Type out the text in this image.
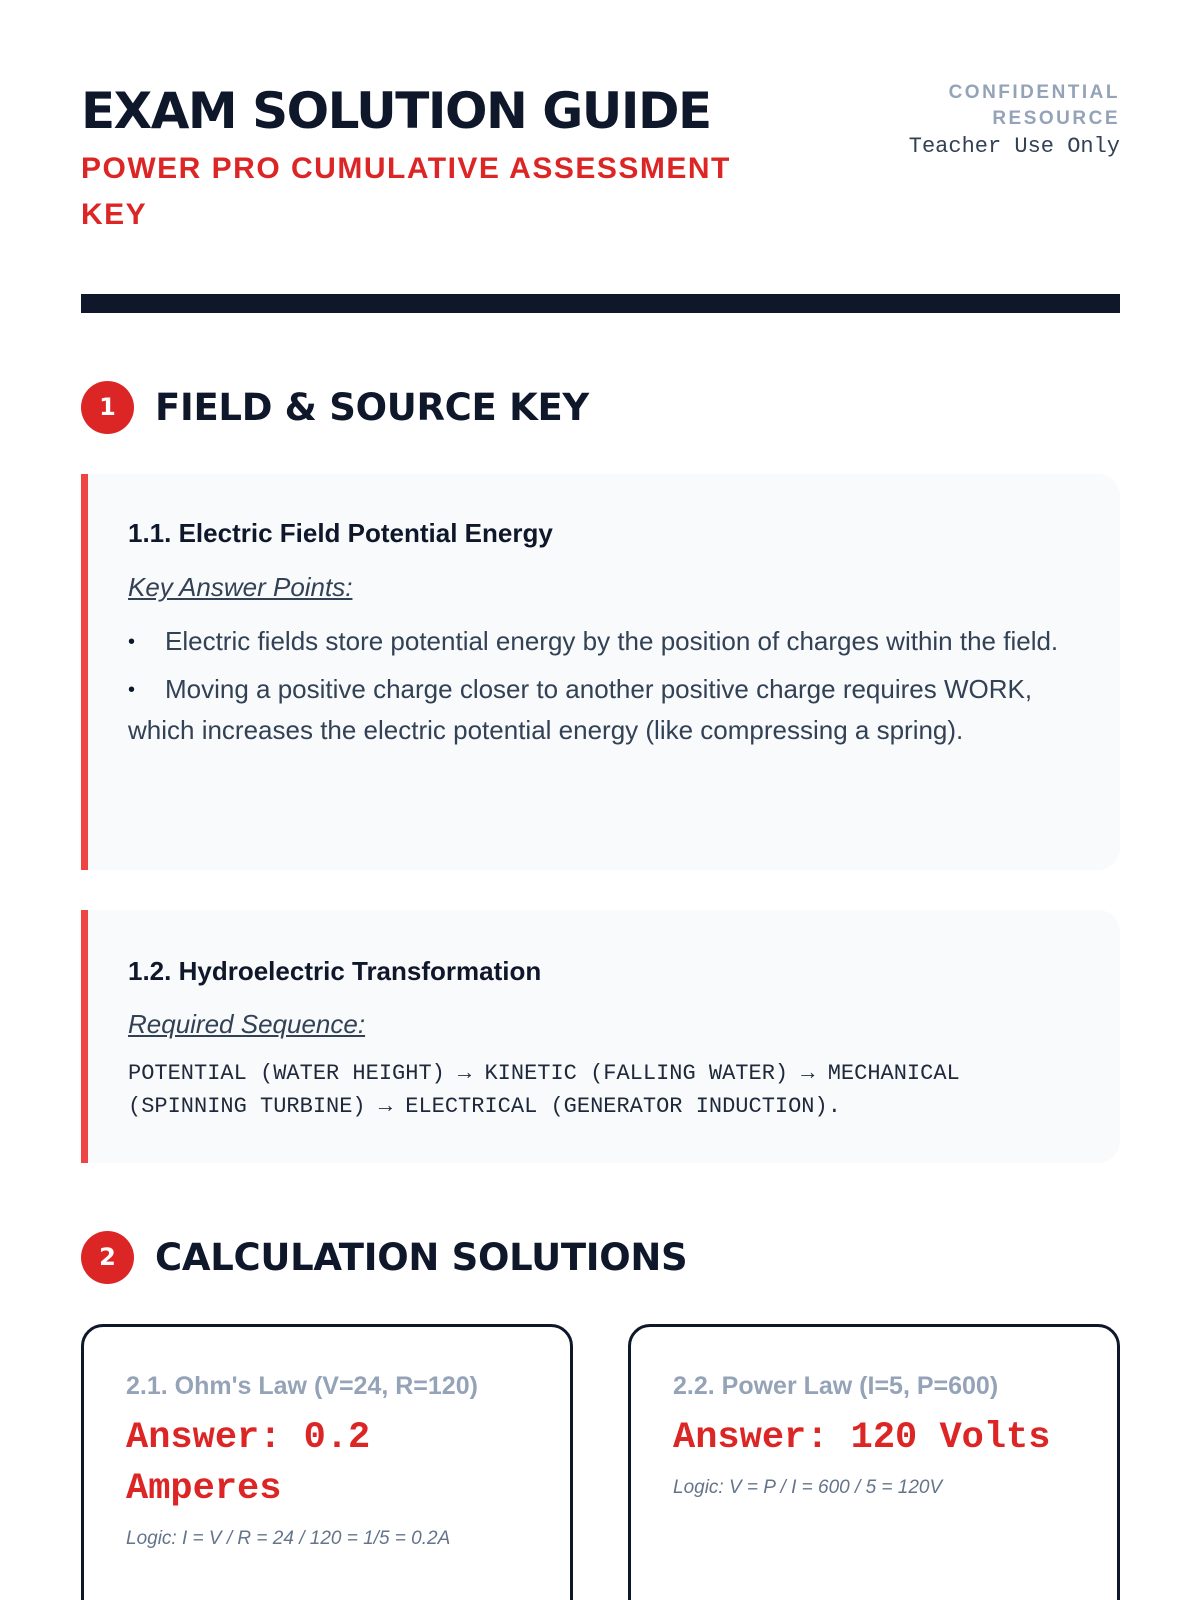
EXAM SOLUTION GUIDE
POWER PRO CUMULATIVE ASSESSMENT KEY
CONFIDENTIAL RESOURCE
Teacher Use Only
1	FIELD & SOURCE KEY
1.1. Electric Field Potential Energy

Key Answer Points:

• Electric fields store potential energy by the position of charges within the field.

• Moving a positive charge closer to another positive charge requires WORK, which increases the electric potential energy (like compressing a spring).

1.2. Hydroelectric Transformation

Required Sequence:

POTENTIAL (WATER HEIGHT) → KINETIC (FALLING WATER) → MECHANICAL (SPINNING TURBINE) → ELECTRICAL (GENERATOR INDUCTION).

2	CALCULATION SOLUTIONS
2.1. Ohm's Law (V=24, R=120)

Answer: 0.2 Amperes

Logic: I = V / R = 24 / 120 = 1/5 = 0.2A

2.2. Power Law (I=5, P=600)

Answer: 120 Volts

Logic: V = P / I = 600 / 5 = 120V
